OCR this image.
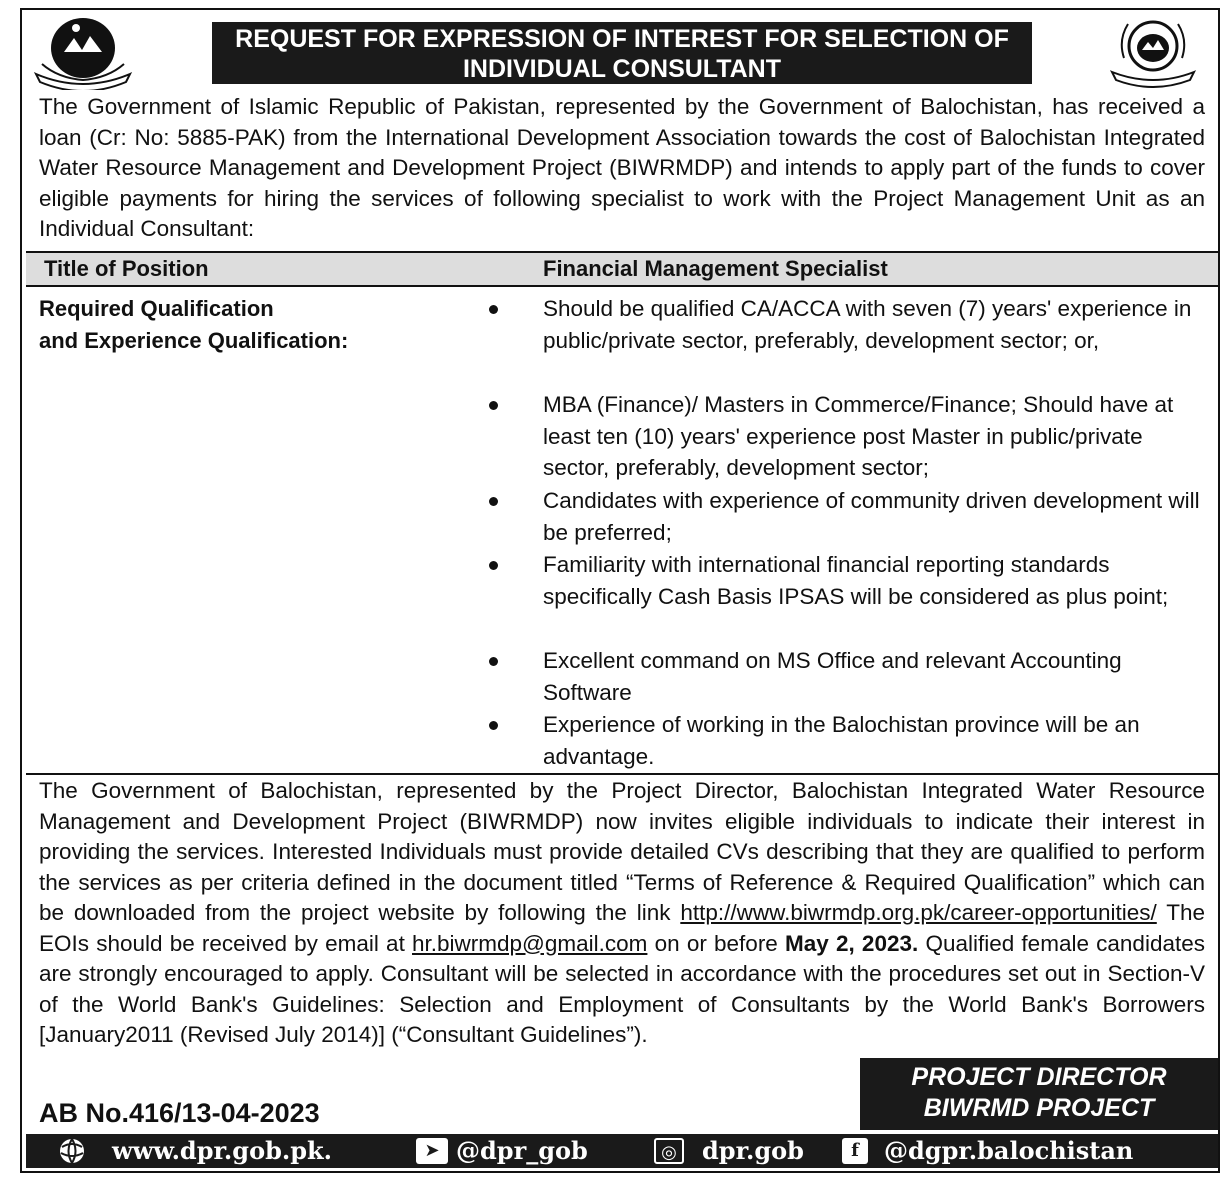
REQUEST FOR EXPRESSION OF INTEREST FOR SELECTION OF
INDIVIDUAL CONSULTANT
The Government of Islamic Republic of Pakistan, represented by the Government of Balochistan, has received a loan (Cr: No: 5885-PAK) from the International Development Association towards the cost of Balochistan Integrated Water Resource Management and Development Project (BIWRMDP) and intends to apply part of the funds to cover eligible payments for hiring the services of following specialist to work with the Project Management Unit as an Individual Consultant:
Title of Position	Financial Management Specialist
Required Qualification
and Experience Qualification:
Should be qualified CA/ACCA with seven (7) years' experience in public/private sector, preferably, development sector; or,
MBA (Finance)/ Masters in Commerce/Finance; Should have at least ten (10) years' experience post Master in public/private sector, preferably, development sector;
Candidates with experience of community driven development will be preferred;
Familiarity with international financial reporting standards specifically Cash Basis IPSAS will be considered as plus point;
Excellent command on MS Office and relevant Accounting Software
Experience of working in the Balochistan province will be an advantage.
The Government of Balochistan, represented by the Project Director, Balochistan Integrated Water Resource Management and Development Project (BIWRMDP) now invites eligible individuals to indicate their interest in providing the services. Interested Individuals must provide detailed CVs describing that they are qualified to perform the services as per criteria defined in the document titled “Terms of Reference & Required Qualification” which can be downloaded from the project website by following the link http://www.biwrmdp.org.pk/career-opportunities/ The EOIs should be received by email at hr.biwrmdp@gmail.com on or before May 2, 2023. Qualified female candidates are strongly encouraged to apply. Consultant will be selected in accordance with the procedures set out in Section-V of the World Bank's Guidelines: Selection and Employment of Consultants by the World Bank's Borrowers [January2011 (Revised July 2014)] (“Consultant Guidelines”).
AB No.416/13-04-2023
PROJECT DIRECTOR
BIWRMD PROJECT
www.dpr.gob.pk.	➤ @dpr_gob	◎ dpr.gob	f	@dgpr.balochistan
